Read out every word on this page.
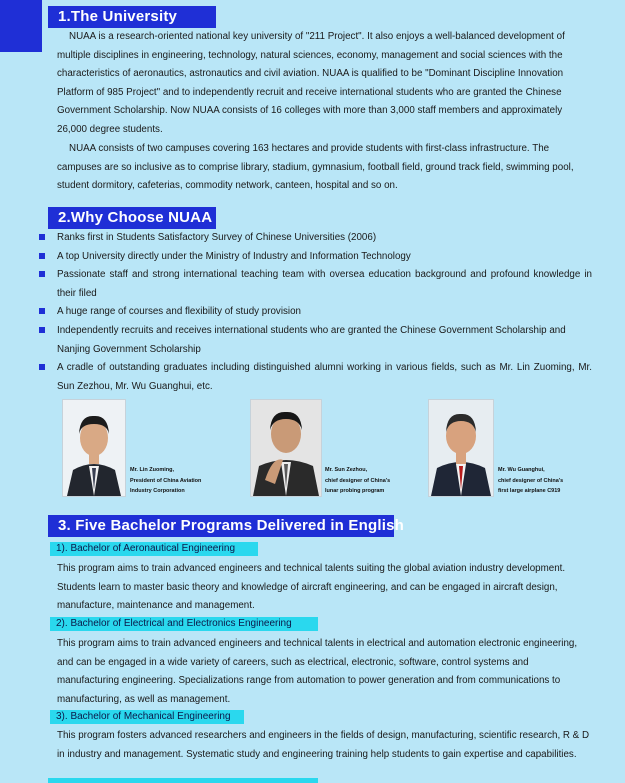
1.The University

NUAA is a research-oriented national key university of "211 Project". It also enjoys a well-balanced development of multiple disciplines in engineering, technology, natural sciences, economy, management and social sciences with the characteristics of aeronautics, astronautics and civil aviation. NUAA is qualified to be "Dominant Discipline Innovation Platform of 985 Project" and to independently recruit and receive international students who are granted the Chinese Government Scholarship. Now NUAA consists of 16 colleges with more than 3,000 staff members and approximately 26,000 degree students.

NUAA consists of two campuses covering 163 hectares and provide students with first-class infrastructure. The campuses are so inclusive as to comprise library, stadium, gymnasium, football field, ground track field, swimming pool, student dormitory, cafeterias, commodity network, canteen, hospital and so on.

2.Why Choose NUAA
Ranks first in Students Satisfactory Survey of Chinese Universities (2006)
A top University directly under the Ministry of Industry and Information Technology
Passionate staff and strong international teaching team with oversea education background and profound knowledge in their filed
A huge range of courses and flexibility of study provision
Independently recruits and receives international students who are granted the Chinese Government Scholarship and Nanjing Government Scholarship
A cradle of outstanding graduates including distinguished alumni working in various fields, such as Mr. Lin Zuoming, Mr. Sun Zezhou, Mr. Wu Guanghui, etc.
Mr. Lin Zuoming,
President of China Aviation
Industry Corporation
Mr. Sun Zezhou,
chief designer of China's
lunar probing program
Mr. Wu Guanghui,
chief designer of China's
first large airplane C919
3. Five Bachelor Programs Delivered in English
1). Bachelor of Aeronautical Engineering

This program aims to train advanced engineers and technical talents suiting the global aviation industry development. Students learn to master basic theory and knowledge of aircraft engineering, and can be engaged in aircraft design, manufacture, maintenance and management.

2). Bachelor of Electrical and Electronics Engineering

This program aims to train advanced engineers and technical talents in electrical and automation electronic engineering, and can be engaged in a wide variety of careers, such as electrical, electronic, software, control systems and manufacturing engineering. Specializations range from automation to power generation and from communications to manufacturing, as well as management.

3). Bachelor of Mechanical Engineering

This program fosters advanced researchers and engineers in the fields of design, manufacturing, scientific research, R & D in industry and management. Systematic study and engineering training help students to gain expertise and capabilities.
